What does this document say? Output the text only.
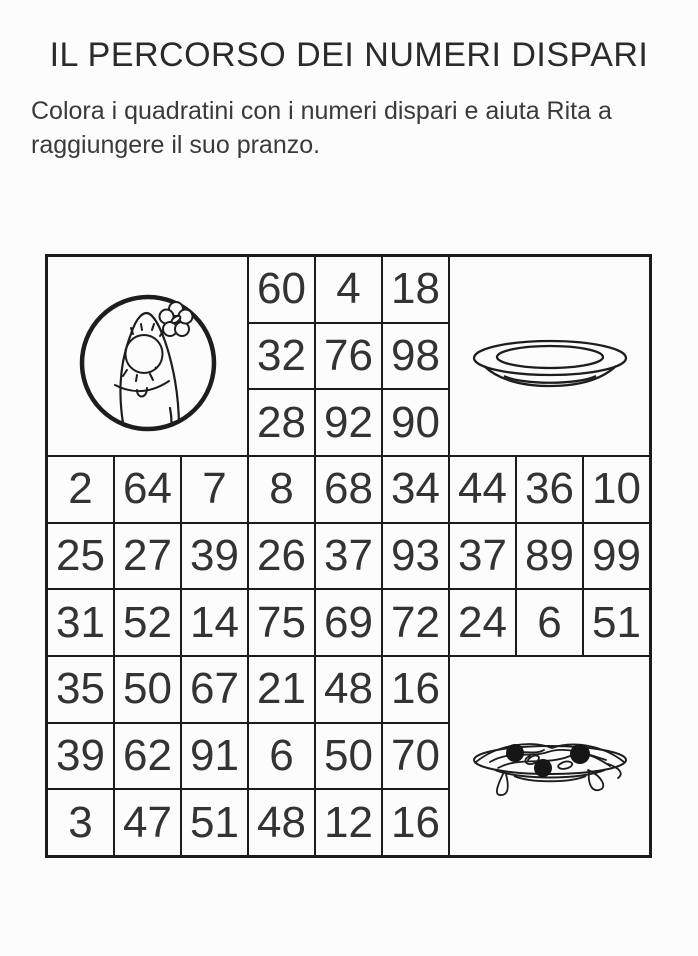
IL PERCORSO DEI NUMERI DISPARI
Colora i quadratini con i numeri dispari e aiuta Rita a
raggiungere il suo pranzo.
60 4 18
32 76 98
28 92 90
2 64 7 8 68 34 44 36 10
25 27 39 26 37 93 37 89 99
31 52 14 75 69 72 24 6 51
35 50 67 21 48 16
39 62 91 6 50 70
3 47 51 48 12 16
